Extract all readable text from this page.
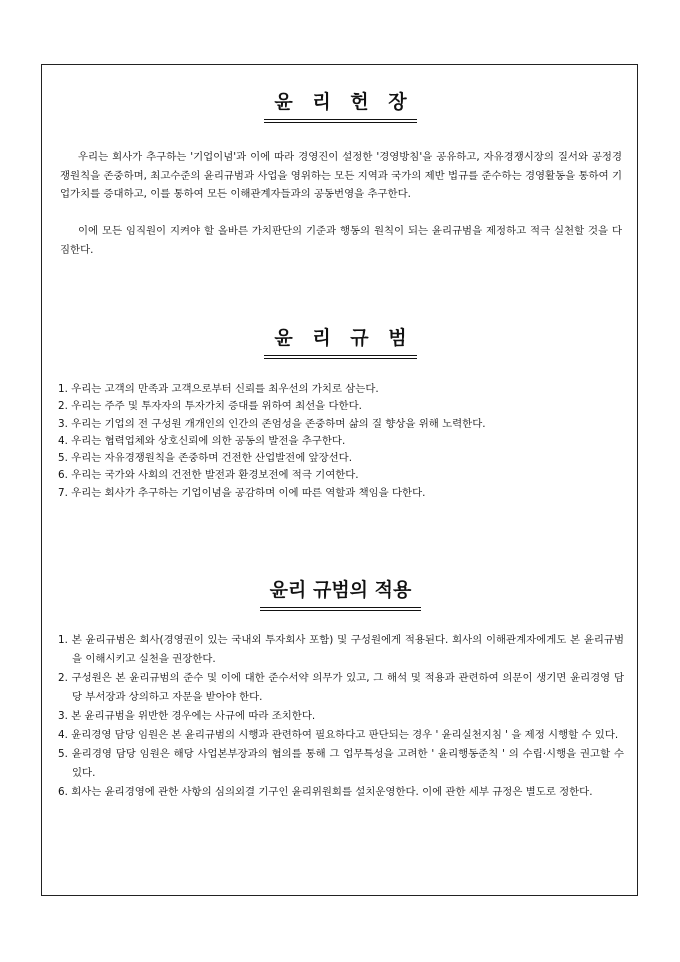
윤 리 헌 장

우리는 회사가 추구하는 '기업이념'과 이에 따라 경영진이 설정한 '경영방침'을 공유하고, 자유경쟁시장의 질서와 공정경쟁원칙을 존중하며, 최고수준의 윤리규범과 사업을 영위하는 모든 지역과 국가의 제반 법규를 준수하는 경영활동을 통하여 기업가치를 증대하고, 이를 통하여 모든 이해관계자들과의 공동번영을 추구한다.

이에 모든 임직원이 지켜야 할 올바른 가치판단의 기준과 행동의 원칙이 되는 윤리규범을 제정하고 적극 실천할 것을 다짐한다.

윤 리 규 범
1. 우리는 고객의 만족과 고객으로부터 신뢰를 최우선의 가치로 삼는다.
2. 우리는 주주 및 투자자의 투자가치 증대를 위하여 최선을 다한다.
3. 우리는 기업의 전 구성원 개개인의 인간의 존엄성을 존중하며 삶의 질 향상을 위해 노력한다.
4. 우리는 협력업체와 상호신뢰에 의한 공동의 발전을 추구한다.
5. 우리는 자유경쟁원칙을 존중하며 건전한 산업발전에 앞장선다.
6. 우리는 국가와 사회의 건전한 발전과 환경보전에 적극 기여한다.
7. 우리는 회사가 추구하는 기업이념을 공감하며 이에 따른 역할과 책임을 다한다.
윤리 규범의 적용
1. 본 윤리규범은 회사(경영권이 있는 국내외 투자회사 포함) 및 구성원에게 적용된다. 회사의 이해관계자에게도 본 윤리규범을 이해시키고 실천을 권장한다.
2. 구성원은 본 윤리규범의 준수 및 이에 대한 준수서약 의무가 있고, 그 해석 및 적용과 관련하여 의문이 생기면 윤리경영 담당 부서장과 상의하고 자문을 받아야 한다.
3. 본 윤리규범을 위반한 경우에는 사규에 따라 조치한다.
4. 윤리경영 담당 임원은 본 윤리규범의 시행과 관련하여 필요하다고 판단되는 경우 ' 윤리실천지침 ' 을 제정 시행할 수 있다.
5. 윤리경영 담당 임원은 해당 사업본부장과의 협의를 통해 그 업무특성을 고려한 ' 윤리행동준칙 ' 의 수립·시행을 권고할 수 있다.
6. 회사는 윤리경영에 관한 사항의 심의외결 기구인 윤리위원회를 설치운영한다. 이에 관한 세부 규정은 별도로 정한다.
